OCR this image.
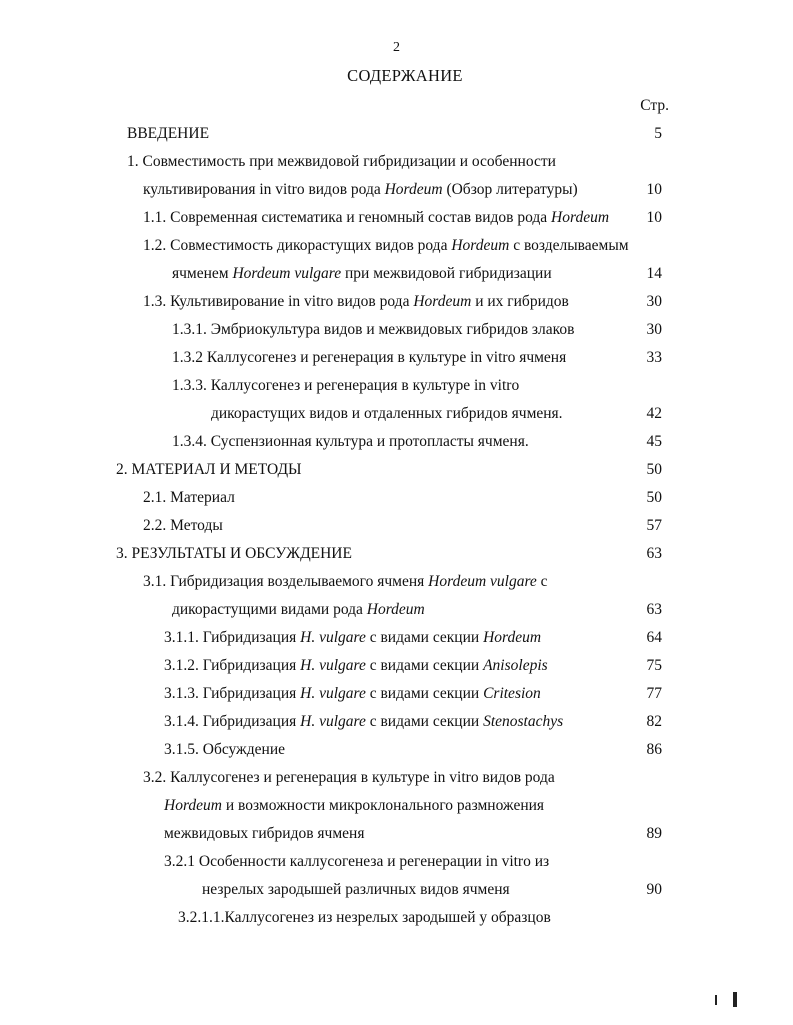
2
СОДЕРЖАНИЕ
Стр.
ВВЕДЕНИЕ	5
1. Совместимость при межвидовой гибридизации и особенности
культивирования in vitro видов рода Hordeum (Обзор литературы)	10
1.1. Современная систематика и геномный состав видов рода Hordeum 10
1.2. Совместимость дикорастущих видов рода Hordeum с возделываемым
ячменем Hordeum vulgare при межвидовой гибридизации	14
1.3. Культивирование in vitro видов рода Hordeum и их гибридов	30
1.3.1. Эмбриокультура видов и межвидовых гибридов злаков	30
1.3.2 Каллусогенез и регенерация в культуре in vitro ячменя	33
1.3.3. Каллусогенез и регенерация в культуре in vitro
дикорастущих видов и отдаленных гибридов ячменя.	42
1.3.4. Суспензионная культура и протопласты ячменя.	45
2. МАТЕРИАЛ И МЕТОДЫ	50
2.1. Материал	50
2.2. Методы	57
3. РЕЗУЛЬТАТЫ И ОБСУЖДЕНИЕ	63
3.1. Гибридизация возделываемого ячменя Hordeum vulgare с
дикорастущими видами рода Hordeum	63
3.1.1. Гибридизация H. vulgare с видами секции Hordeum	64
3.1.2. Гибридизация H. vulgare с видами секции Anisolepis	75
3.1.3. Гибридизация H. vulgare с видами секции Critesion	77
3.1.4. Гибридизация H. vulgare с видами секции Stenostachys	82
3.1.5. Обсуждение	86
3.2. Каллусогенез и регенерация в культуре in vitro видов рода
Hordeum и возможности микроклонального размножения
межвидовых гибридов ячменя	89
3.2.1 Особенности каллусогенеза и регенерации in vitro из
незрелых зародышей различных видов ячменя	90
3.2.1.1.Каллусогенез из незрелых зародышей у образцов
